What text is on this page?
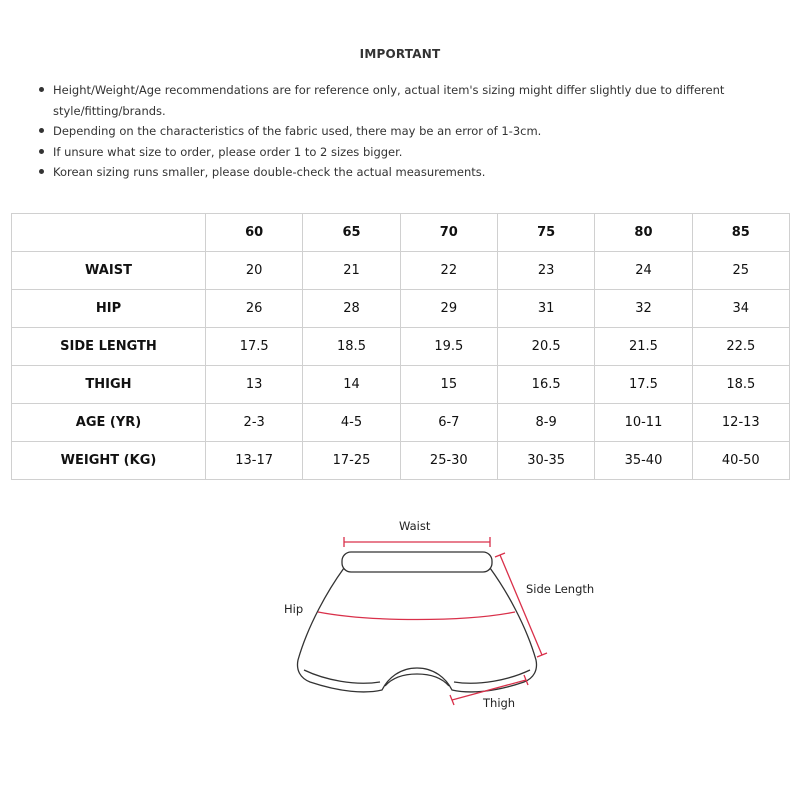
IMPORTANT
Height/Weight/Age recommendations are for reference only, actual item's sizing might differ slightly due to different style/fitting/brands.
Depending on the characteristics of the fabric used, there may be an error of 1-3cm.
If unsure what size to order, please order 1 to 2 sizes bigger.
Korean sizing runs smaller, please double-check the actual measurements.
	60	65	70	75	80	85
WAIST	20	21	22	23	24	25
HIP	26	28	29	31	32	34
SIDE LENGTH	17.5	18.5	19.5	20.5	21.5	22.5
THIGH	13	14	15	16.5	17.5	18.5
AGE (YR)	2-3	4-5	6-7	8-9	10-11	12-13
WEIGHT (KG)	13-17	17-25	25-30	30-35	35-40	40-50
Waist
Hip
Side Length
Thigh
